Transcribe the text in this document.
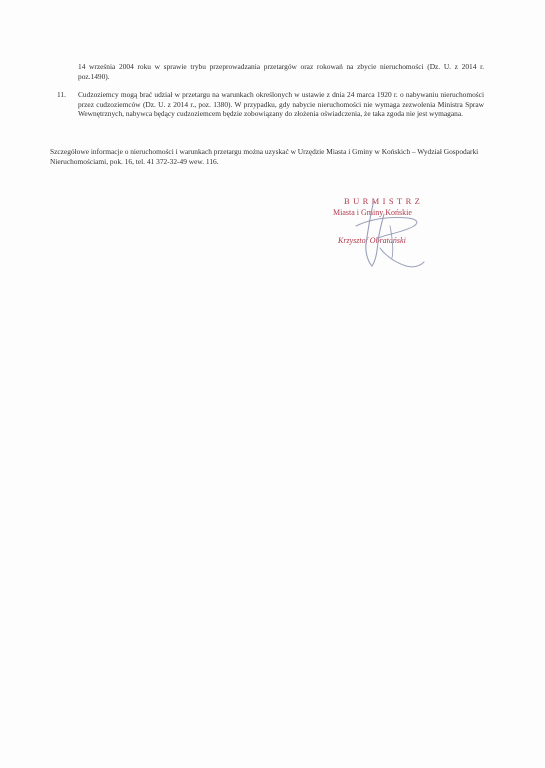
14 września 2004 roku w sprawie trybu przeprowadzania przetargów oraz rokowań na zbycie nieruchomości (Dz. U. z 2014 r. poz.1490).
11.	Cudzoziemcy mogą brać udział w przetargu na warunkach określonych w ustawie z dnia 24 marca 1920 r. o nabywaniu nieruchomości przez cudzoziemców (Dz. U. z 2014 r., poz. 1380). W przypadku, gdy nabycie nieruchomości nie wymaga zezwolenia Ministra Spraw Wewnętrznych, nabywca będący cudzoziemcem będzie zobowiązany do złożenia oświadczenia, że taka zgoda nie jest wymagana.
Szczegółowe informacje o nieruchomości i warunkach przetargu można uzyskać w Urzędzie Miasta i Gminy w Końskich – Wydział Gospodarki Nieruchomościami, pok. 16, tel. 41 372-32-49 wew. 116.
BURMISTRZ
Miasta i Gminy Końskie
Krzysztof Obratański
